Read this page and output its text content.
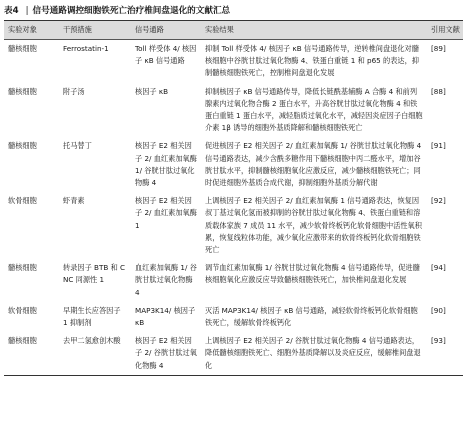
表4 | 信号通路调控细胞铁死亡治疗椎间盘退化的文献汇总
实验对象	干预措施	信号通路	实验结果	引用文献
髓核细胞	Ferrostatin-1	Toll 样受体 4/ 核因子 κB 信号通路	抑制 Toll 样受体 4/ 核因子 κB 信号通路传导，逆转椎间盘退化对髓核细胞中谷胱甘肽过氧化物酶 4、铁蛋白重链 1 和 p65 的表达，抑制髓核细胞铁死亡，控制椎间盘退化发展	[89]
髓核细胞	附子汤	核因子 κB	抑制核因子 κB 信号通路传导，降低长链酰基辅酶 A 合酶 4 和前列腺素内过氧化物合酶 2 蛋白水平，升高谷胱甘肽过氧化物酶 4 和铁蛋白重链 1 蛋白水平，减轻脂质过氧化水平，减轻因炎症因子白细胞介素 1β 诱导的细胞外基质降解和髓核细胞铁死亡	[88]
髓核细胞	托马替丁	核因子 E2 相关因子 2/ 血红素加氧酶 1/ 谷胱甘肽过氧化物酶 4	促进核因子 E2 相关因子 2/ 血红素加氧酶 1/ 谷胱甘肽过氧化物酶 4 信号通路表达，减少含酰多糖作用下髓核细胞中丙二醛水平，增加谷胱甘肽水平，抑制髓核细胞氧化应激反应，减少髓核细胞铁死亡；同时促进细胞外基质合成代谢，抑制细胞外基质分解代谢	[91]
软骨细胞	虾青素	核因子 E2 相关因子 2/ 血红素加氧酶 1	上调核因子 E2 相关因子 2/ 血红素加氧酶 1 信号通路表达，恢复因叔丁基过氧化氢而被抑制的谷胱甘肽过氧化物酶 4、铁蛋白重链和溶质载体家族 7 成员 11 水平，减少软骨终板钙化软骨细胞中活性氧积累，恢复线粒体功能，减少氧化应激带来的软骨终板钙化软骨细胞铁死亡	[92]
髓核细胞	转录因子 BTB 和 CNC 同源性 1	血红素加氧酶 1/ 谷胱甘肽过氧化物酶 4	调节血红素加氧酶 1/ 谷胱甘肽过氧化物酶 4 信号通路传导，促进髓核细胞氧化应激反应导致髓核细胞铁死亡，加快椎间盘退化发展	[94]
软骨细胞	早期生长应答因子 1 抑制剂	MAP3K14/ 核因子 κB	灭活 MAP3K14/ 核因子 κB 信号通路，减轻软骨终板钙化软骨细胞铁死亡，缓解软骨终板钙化	[90]
髓核细胞	去甲二氢愈创木酸	核因子 E2 相关因子 2/ 谷胱甘肽过氧化物酶 4	上调核因子 E2 相关因子 2/ 谷胱甘肽过氧化物酶 4 信号通路表达，降低髓核细胞铁死亡、细胞外基质降解以及炎症反应，缓解椎间盘退化	[93]
